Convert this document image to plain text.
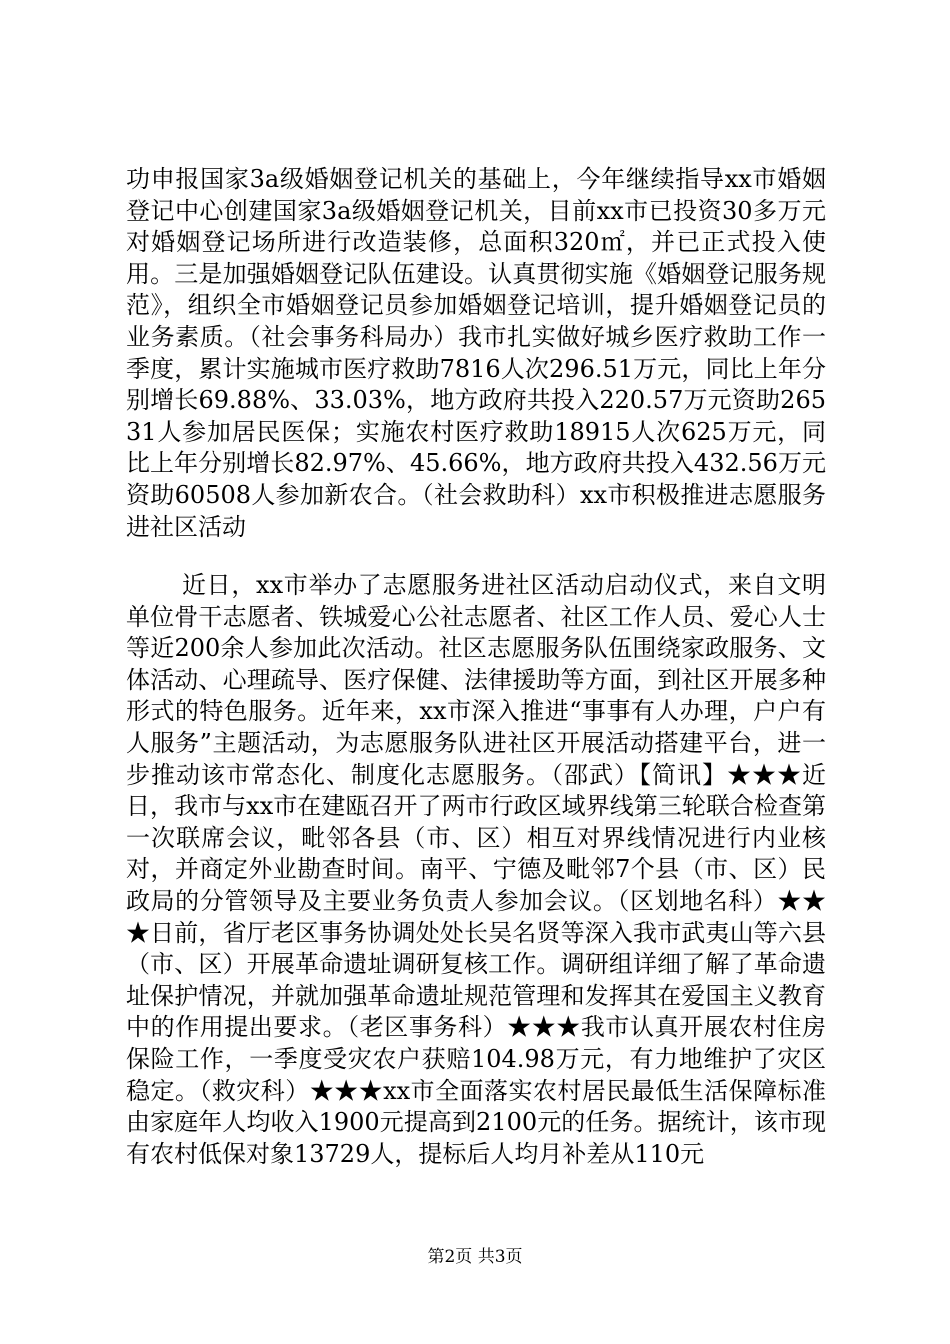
功申报国家3a级婚姻登记机关的基础上，今年继续指导xx市婚姻登记中心创建国家3a级婚姻登记机关，目前xx市已投资30多万元对婚姻登记场所进行改造装修，总面积320㎡，并已正式投入使用。三是加强婚姻登记队伍建设。认真贯彻实施《婚姻登记服务规范》，组织全市婚姻登记员参加婚姻登记培训，提升婚姻登记员的业务素质。（社会事务科局办）我市扎实做好城乡医疗救助工作一季度，累计实施城市医疗救助7816人次296.51万元，同比上年分别增长69.88%、33.03%，地方政府共投入220.57万元资助26531人参加居民医保；实施农村医疗救助18915人次625万元，同比上年分别增长82.97%、45.66%，地方政府共投入432.56万元资助60508人参加新农合。（社会救助科）xx市积极推进志愿服务进社区活动

近日，xx市举办了志愿服务进社区活动启动仪式，来自文明单位骨干志愿者、铁城爱心公社志愿者、社区工作人员、爱心人士等近200余人参加此次活动。社区志愿服务队伍围绕家政服务、文体活动、心理疏导、医疗保健、法律援助等方面，到社区开展多种形式的特色服务。近年来，xx市深入推进“事事有人办理，户户有人服务”主题活动，为志愿服务队进社区开展活动搭建平台，进一步推动该市常态化、制度化志愿服务。（邵武）【简讯】★★★近日，我市与xx市在建瓯召开了两市行政区域界线第三轮联合检查第一次联席会议，毗邻各县（市、区）相互对界线情况进行内业核对，并商定外业勘查时间。南平、宁德及毗邻7个县（市、区）民政局的分管领导及主要业务负责人参加会议。（区划地名科）★★★日前，省厅老区事务协调处处长吴名贤等深入我市武夷山等六县（市、区）开展革命遗址调研复核工作。调研组详细了解了革命遗址保护情况，并就加强革命遗址规范管理和发挥其在爱国主义教育中的作用提出要求。（老区事务科）★★★我市认真开展农村住房保险工作，一季度受灾农户获赔104.98万元，有力地维护了灾区稳定。（救灾科）★★★xx市全面落实农村居民最低生活保障标准由家庭年人均收入1900元提高到2100元的任务。据统计，该市现有农村低保对象13729人，提标后人均月补差从110元

第2页 共3页
